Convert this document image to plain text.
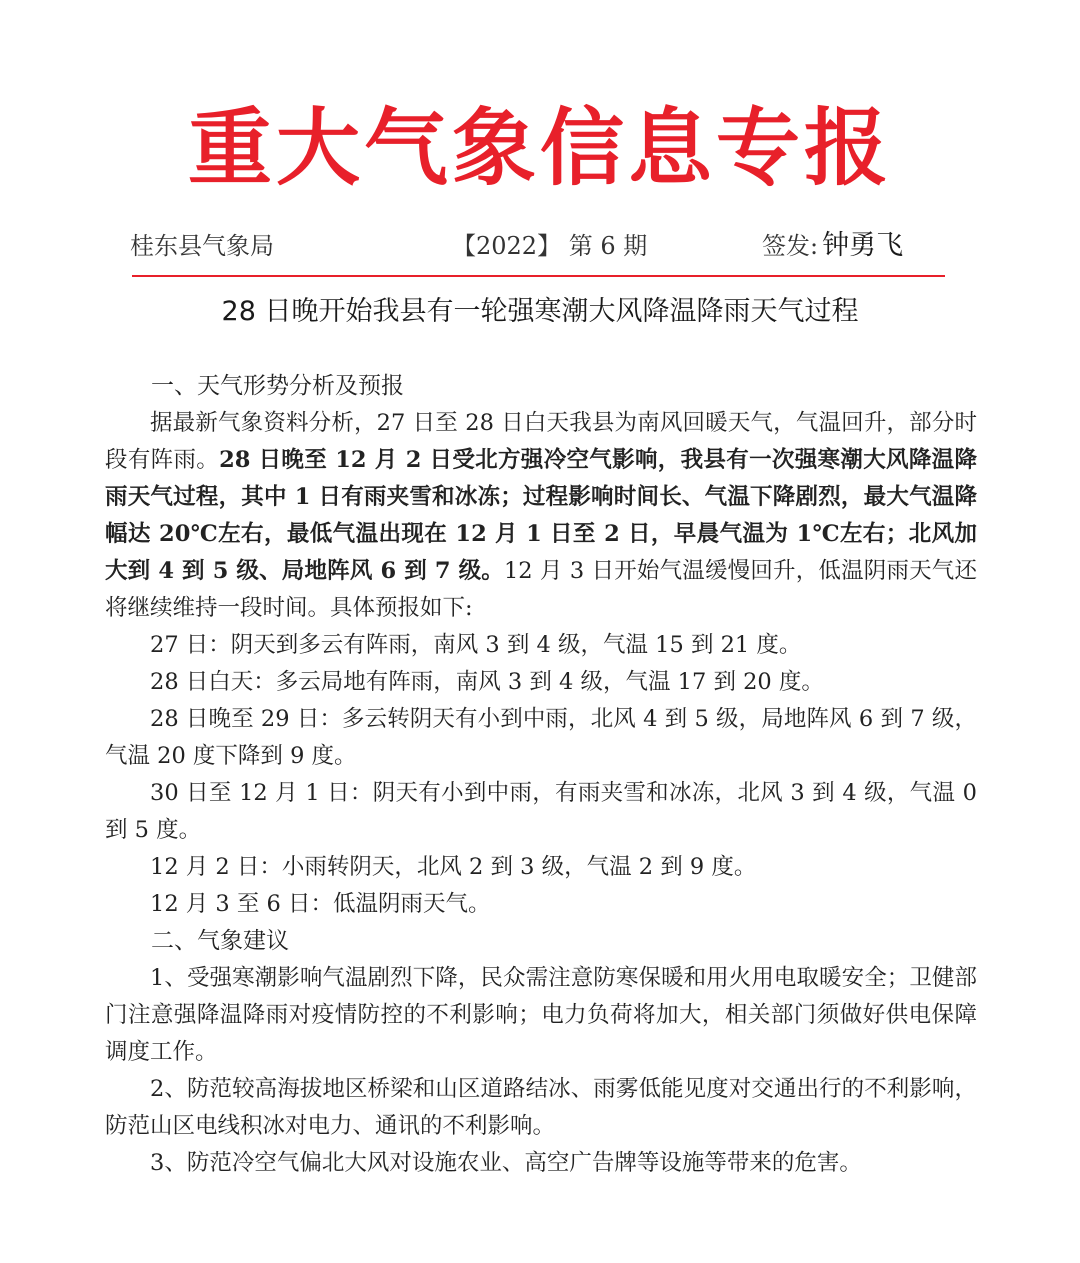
重大气象信息专报
桂东县气象局	【2022】 第 6 期	签发: 钟勇飞
28 日晚开始我县有一轮强寒潮大风降温降雨天气过程

一、天气形势分析及预报

据最新气象资料分析，27 日至 28 日白天我县为南风回暖天气，气温回升，部分时段有阵雨。28 日晚至 12 月 2 日受北方强冷空气影响，我县有一次强寒潮大风降温降雨天气过程，其中 1 日有雨夹雪和冰冻；过程影响时间长、气温下降剧烈，最大气温降幅达 20℃左右，最低气温出现在 12 月 1 日至 2 日，早晨气温为 1℃左右；北风加大到 4 到 5 级、局地阵风 6 到 7 级。12 月 3 日开始气温缓慢回升，低温阴雨天气还将继续维持一段时间。具体预报如下:

27 日：阴天到多云有阵雨，南风 3 到 4 级，气温 15 到 21 度。

28 日白天：多云局地有阵雨，南风 3 到 4 级，气温 17 到 20 度。

28 日晚至 29 日：多云转阴天有小到中雨，北风 4 到 5 级，局地阵风 6 到 7 级，气温 20 度下降到 9 度。

30 日至 12 月 1 日：阴天有小到中雨，有雨夹雪和冰冻，北风 3 到 4 级，气温 0 到 5 度。

12 月 2 日：小雨转阴天，北风 2 到 3 级，气温 2 到 9 度。

12 月 3 至 6 日：低温阴雨天气。

二、气象建议

1、受强寒潮影响气温剧烈下降，民众需注意防寒保暖和用火用电取暖安全；卫健部门注意强降温降雨对疫情防控的不利影响；电力负荷将加大，相关部门须做好供电保障调度工作。

2、防范较高海拔地区桥梁和山区道路结冰、雨雾低能见度对交通出行的不利影响，防范山区电线积冰对电力、通讯的不利影响。

3、防范冷空气偏北大风对设施农业、高空广告牌等设施等带来的危害。
